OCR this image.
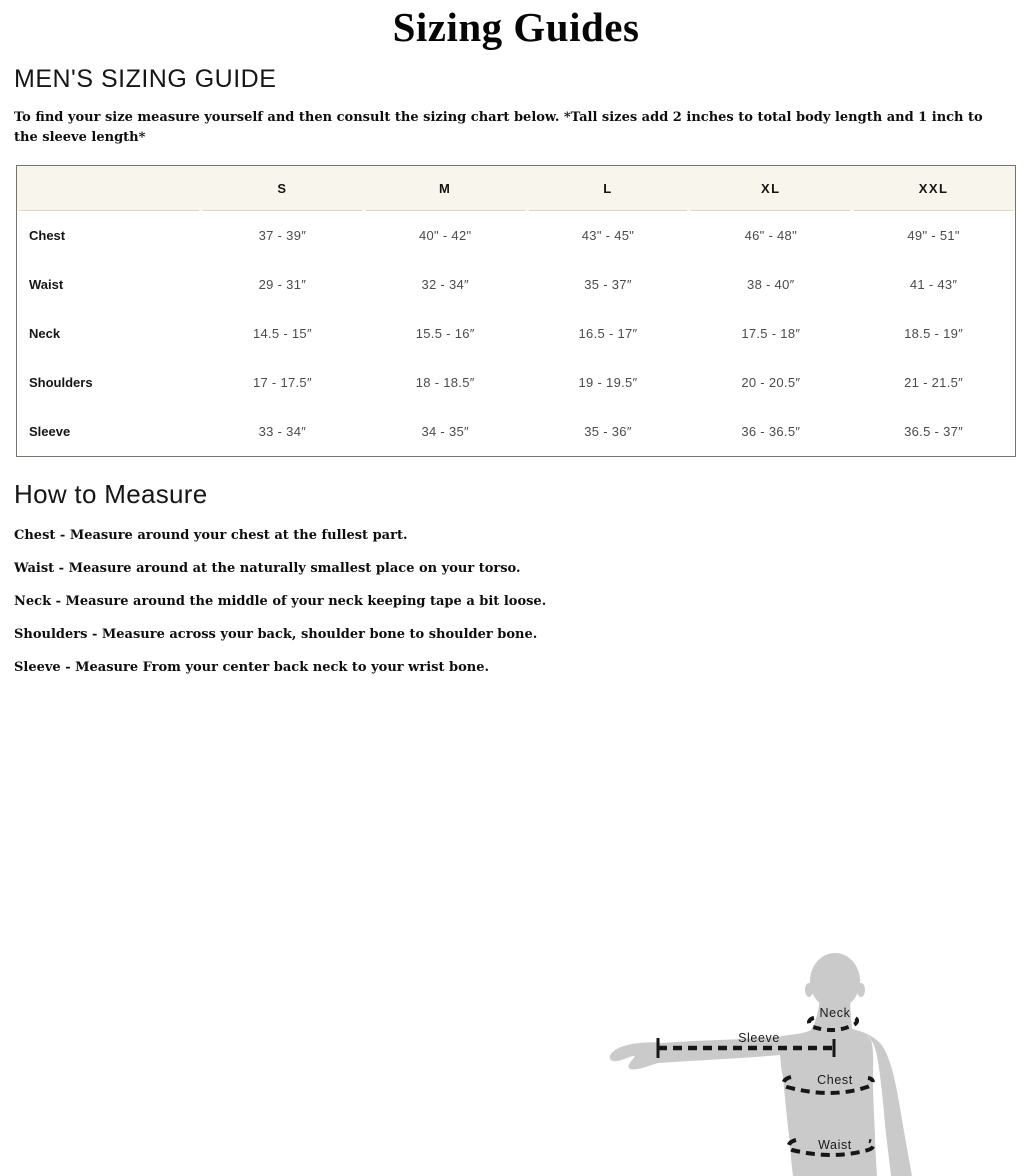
Sizing Guides
MEN'S SIZING GUIDE

To find your size measure yourself and then consult the sizing chart below. *Tall sizes add 2 inches to total body length and 1 inch to the sleeve length*

	S	M	L	XL	XXL
Chest	37 - 39″	40" - 42"	43" - 45"	46" - 48"	49" - 51"
Waist	29 - 31″	32 - 34″	35 - 37″	38 - 40″	41 - 43″
Neck	14.5 - 15″	15.5 - 16″	16.5 - 17″	17.5 - 18″	18.5 - 19″
Shoulders	17 - 17.5″	18 - 18.5″	19 - 19.5″	20 - 20.5″	21 - 21.5″
Sleeve	33 - 34″	34 - 35″	35 - 36″	36 - 36.5″	36.5 - 37″
How to Measure
Chest - Measure around your chest at the fullest part.
Waist - Measure around at the naturally smallest place on your torso.
Neck - Measure around the middle of your neck keeping tape a bit loose.
Shoulders - Measure across your back, shoulder bone to shoulder bone.
Sleeve - Measure From your center back neck to your wrist bone.
Neck
Sleeve
Chest
Waist
